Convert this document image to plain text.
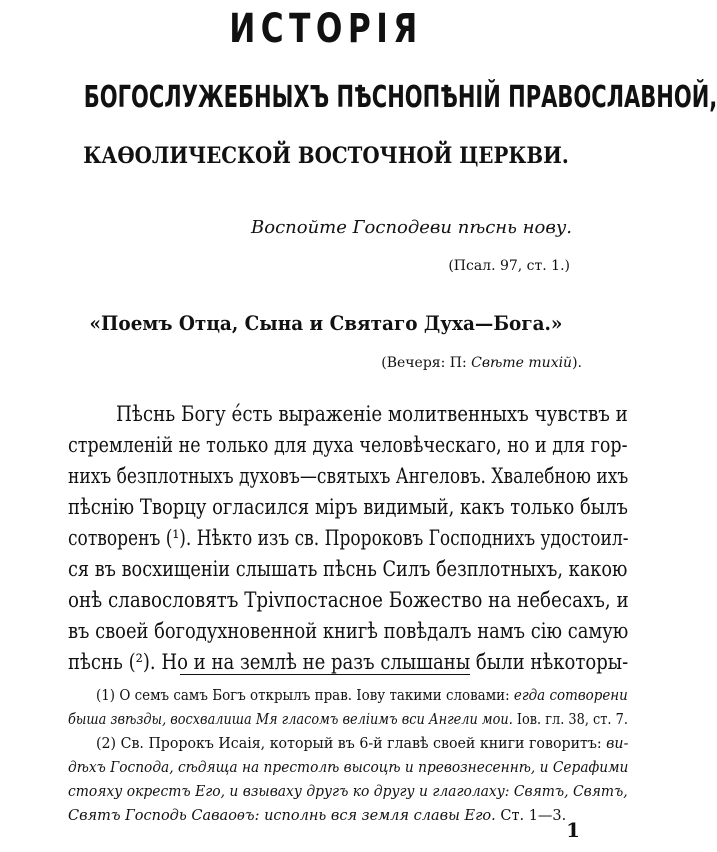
ИСТОРІЯ
БОГОСЛУЖЕБНЫХЪ ПѢСНОПѢНІЙ ПРАВОСЛАВНОЙ,
КАѲОЛИЧЕСКОЙ ВОСТОЧНОЙ ЦЕРКВИ.
Воспойте Господеви пѣснь нову.
(Псал. 97, ст. 1.)
«Поемъ Отца, Сына и Святаго Духа—Бога.»
(Вечеря: П: Свѣте тихій).
Пѣснь Богу е́сть выраженіе молитвенныхъ чувствъ и
стремленій не только для духа человѣческаго, но и для гор-
нихъ безплотныхъ духовъ—святыхъ Ангеловъ. Хвалебною ихъ
пѣснію Творцу огласился міръ видимый, какъ только былъ
сотворенъ (¹). Нѣкто изъ св. Пророковъ Господнихъ удостоил-
ся въ восхищеніи слышать пѣснь Силъ безплотныхъ, какою
онѣ славословятъ Тріvпостасное Божество на небесахъ, и
въ своей богодухновенной книгѣ повѣдалъ намъ сію самую
пѣснь (²). Но и на землѣ не разъ слышаны были нѣкоторы-
(1) О семъ самъ Богъ открылъ прав. Іову такими словами: егда сотворени
быша звѣзды, восхвалиша Мя гласомъ веліимъ вси Ангели мои. Іов. гл. 38, ст. 7.
(2) Св. Пророкъ Исаія, который въ 6-й главѣ своей книги говоритъ: ви-
дѣхъ Господа, сѣдяща на престолѣ высоцѣ и превознесеннѣ, и Серафими
стояху окрестъ Его, и взываху другъ ко другу и глаголаху: Святъ, Святъ,
Святъ Господь Саваоѳъ: исполнь вся земля славы Его. Ст. 1—3.
1
